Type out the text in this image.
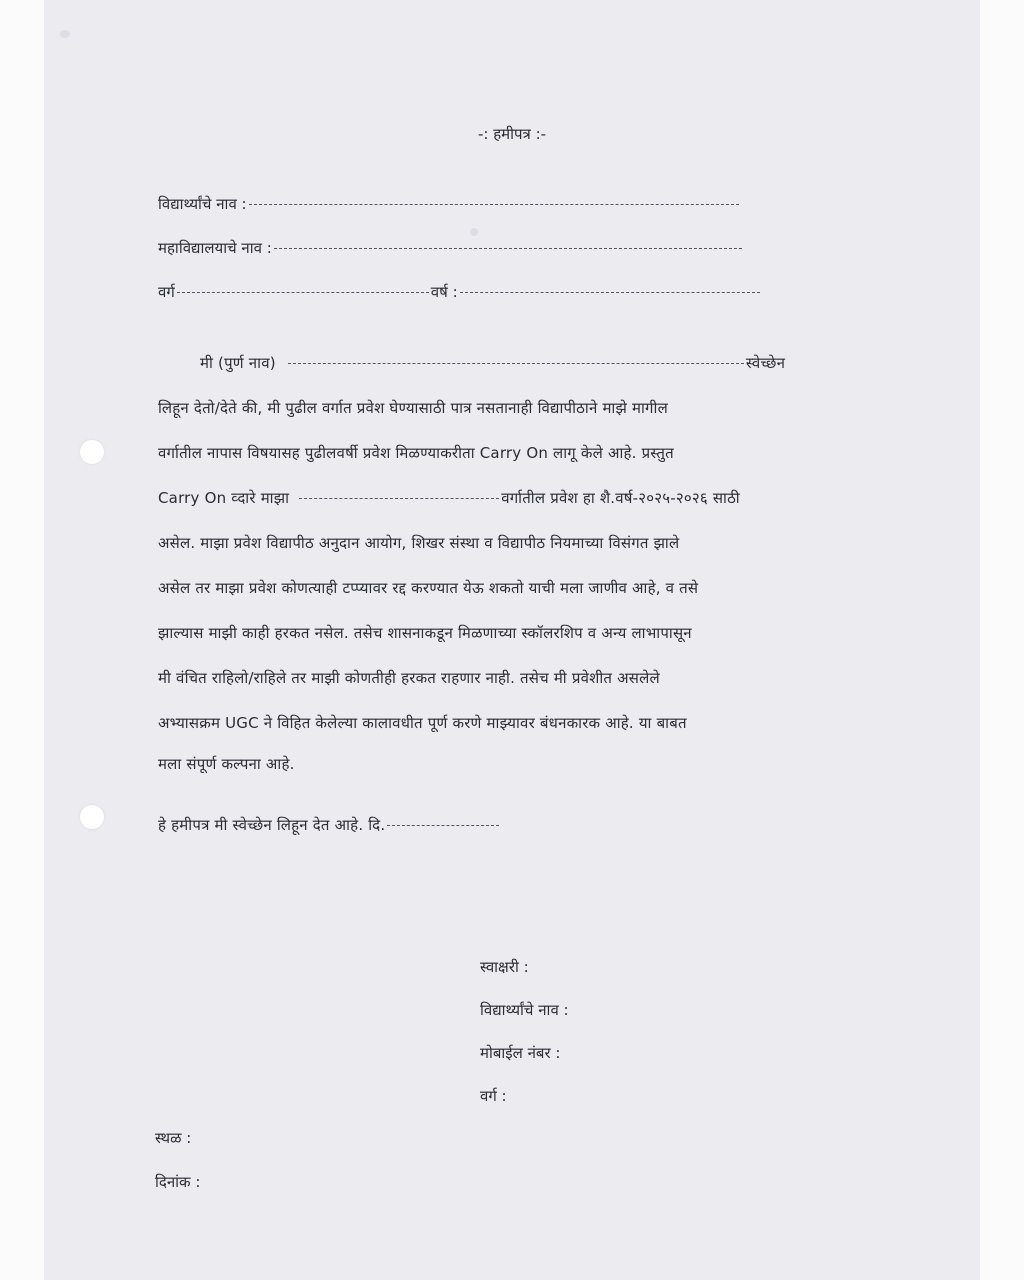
-: हमीपत्र :-
विद्यार्थ्यांचे नाव :
महाविद्यालयाचे नाव :
वर्ग	वर्ष :
मी (पुर्ण नाव)	स्वेच्छेन
लिहून देतो/देते की, मी पुढील वर्गात प्रवेश घेण्यासाठी पात्र नसतानाही विद्यापीठाने माझे मागील
वर्गातील नापास विषयासह पुढीलवर्षी प्रवेश मिळण्याकरीता Carry On लागू केले आहे. प्रस्तुत
Carry On व्दारे माझा	वर्गातील प्रवेश हा शै.वर्ष-२०२५-२०२६ साठी
असेल. माझा प्रवेश विद्यापीठ अनुदान आयोग, शिखर संस्था व विद्यापीठ नियमाच्या विसंगत झाले
असेल तर माझा प्रवेश कोणत्याही टप्प्यावर रद्द करण्यात येऊ शकतो याची मला जाणीव आहे, व तसे
झाल्यास माझी काही हरकत नसेल. तसेच शासनाकडून मिळणाच्या स्कॉलरशिप व अन्य लाभापासून
मी वंचित राहिलो/राहिले तर माझी कोणतीही हरकत राहणार नाही. तसेच मी प्रवेशीत असलेले
अभ्यासक्रम UGC ने विहित केलेल्या कालावधीत पूर्ण करणे माझ्यावर बंधनकारक आहे. या बाबत
मला संपूर्ण कल्पना आहे.
हे हमीपत्र मी स्वेच्छेन लिहून देत आहे. दि.
स्वाक्षरी :
विद्यार्थ्यांचे नाव :
मोबाईल नंबर :
वर्ग :
स्थळ :
दिनांक :
